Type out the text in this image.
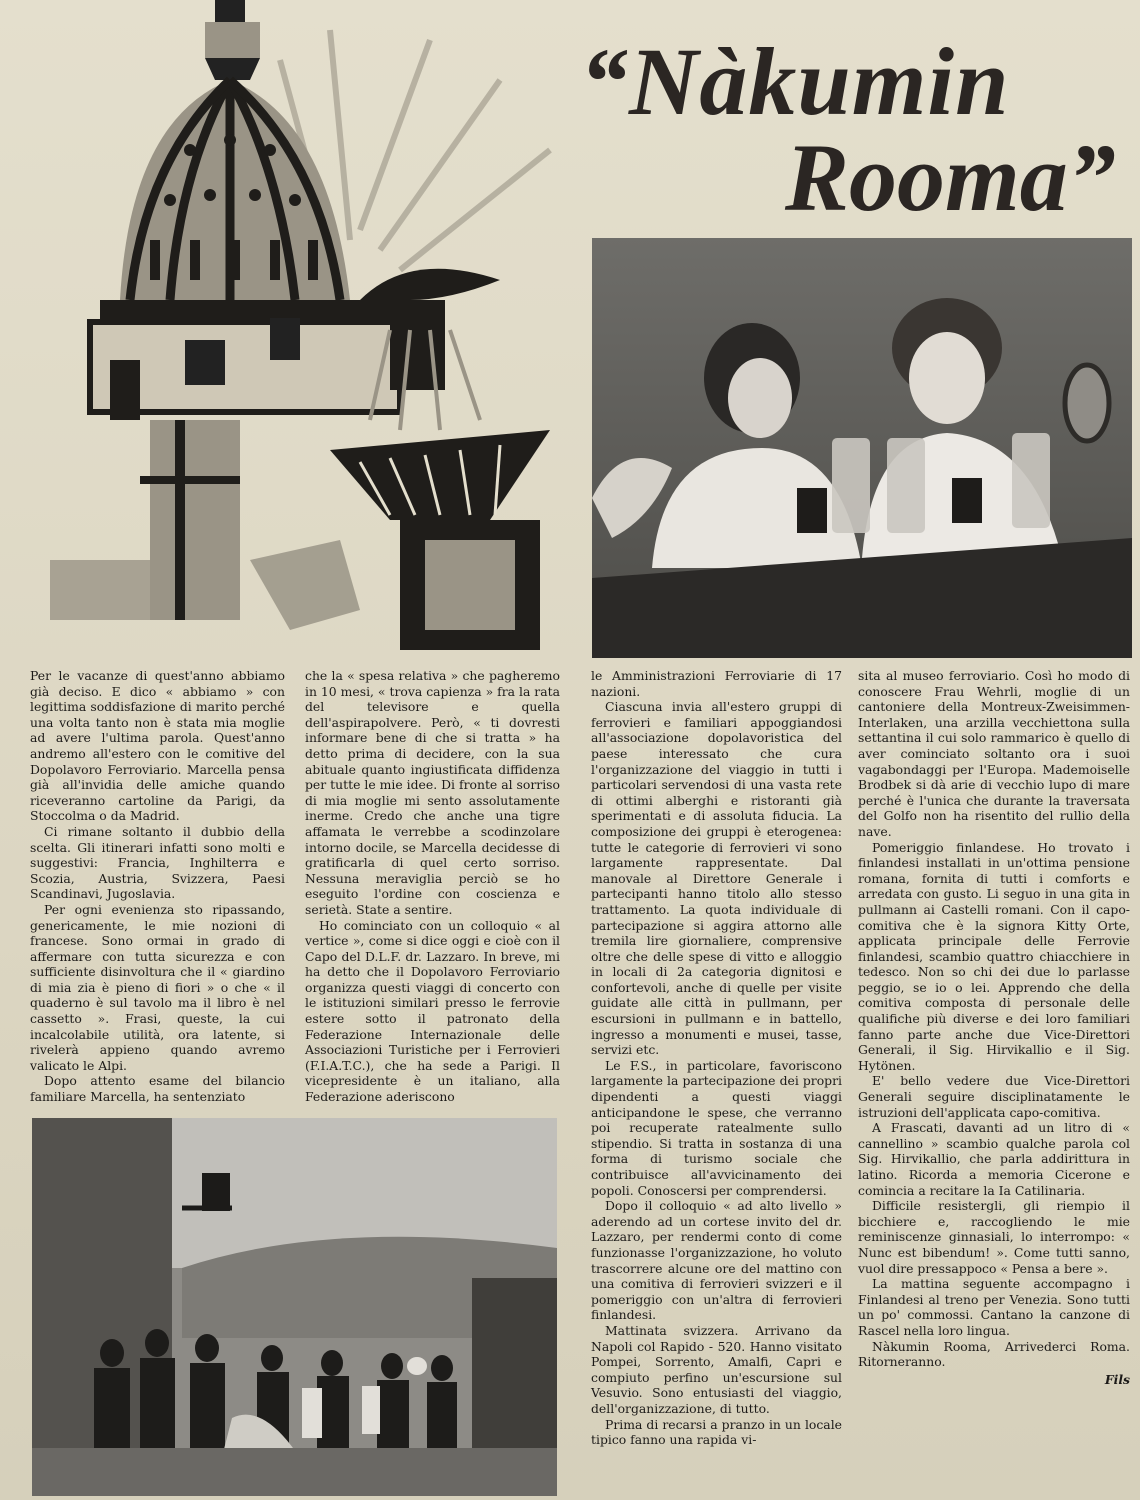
“Nàkumin
Rooma”

Per le vacanze di quest'anno abbiamo già deciso. E dico « abbiamo » con legittima soddisfazione di marito perché una volta tanto non è stata mia moglie ad avere l'ultima parola. Quest'anno andremo all'estero con le comitive del Dopolavoro Ferroviario. Marcella pensa già all'invidia delle amiche quando riceveranno cartoline da Parigi, da Stoccolma o da Madrid.

Ci rimane soltanto il dubbio della scelta. Gli itinerari infatti sono molti e suggestivi: Francia, Inghilterra e Scozia, Austria, Svizzera, Paesi Scandinavi, Jugoslavia.

Per ogni evenienza sto ripassando, genericamente, le mie nozioni di francese. Sono ormai in grado di affermare con tutta sicurezza e con sufficiente disinvoltura che il « giardino di mia zia è pieno di fiori » o che « il quaderno è sul tavolo ma il libro è nel cassetto ». Frasi, queste, la cui incalcolabile utilità, ora latente, si rivelerà appieno quando avremo valicato le Alpi.

Dopo attento esame del bilancio familiare Marcella, ha sentenziato

che la « spesa relativa » che pagheremo in 10 mesi, « trova capienza » fra la rata del televisore e quella dell'aspirapolvere. Però, « ti dovresti informare bene di che si tratta » ha detto prima di decidere, con la sua abituale quanto ingiustificata diffidenza per tutte le mie idee. Di fronte al sorriso di mia moglie mi sento assolutamente inerme. Credo che anche una tigre affamata le verrebbe a scodinzolare intorno docile, se Marcella decidesse di gratificarla di quel certo sorriso. Nessuna meraviglia perciò se ho eseguito l'ordine con coscienza e serietà. State a sentire.

Ho cominciato con un colloquio « al vertice », come si dice oggi e cioè con il Capo del D.L.F. dr. Lazzaro. In breve, mi ha detto che il Dopolavoro Ferroviario organizza questi viaggi di concerto con le istituzioni similari presso le ferrovie estere sotto il patronato della Federazione Internazionale delle Associazioni Turistiche per i Ferrovieri (F.I.A.T.C.), che ha sede a Parigi. Il vicepresidente è un italiano, alla Federazione aderiscono

le Amministrazioni Ferroviarie di 17 nazioni.

Ciascuna invia all'estero gruppi di ferrovieri e familiari appoggiandosi all'associazione dopolavoristica del paese interessato che cura l'organizzazione del viaggio in tutti i particolari servendosi di una vasta rete di ottimi alberghi e ristoranti già sperimentati e di assoluta fiducia. La composizione dei gruppi è eterogenea: tutte le categorie di ferrovieri vi sono largamente rappresentate. Dal manovale al Direttore Generale i partecipanti hanno titolo allo stesso trattamento. La quota individuale di partecipazione si aggira attorno alle tremila lire giornaliere, comprensive oltre che delle spese di vitto e alloggio in locali di 2a categoria dignitosi e confortevoli, anche di quelle per visite guidate alle città in pullmann, per escursioni in pullmann e in battello, ingresso a monumenti e musei, tasse, servizi etc.

Le F.S., in particolare, favoriscono largamente la partecipazione dei propri dipendenti a questi viaggi anticipandone le spese, che verranno poi recuperate ratealmente sullo stipendio. Si tratta in sostanza di una forma di turismo sociale che contribuisce all'avvicinamento dei popoli. Conoscersi per comprendersi.

Dopo il colloquio « ad alto livello » aderendo ad un cortese invito del dr. Lazzaro, per rendermi conto di come funzionasse l'organizzazione, ho voluto trascorrere alcune ore del mattino con una comitiva di ferrovieri svizzeri e il pomeriggio con un'altra di ferrovieri finlandesi.

Mattinata svizzera. Arrivano da Napoli col Rapido - 520. Hanno visitato Pompei, Sorrento, Amalfi, Capri e compiuto perfino un'escursione sul Vesuvio. Sono entusiasti del viaggio, dell'organizzazione, di tutto.

Prima di recarsi a pranzo in un locale tipico fanno una rapida vi-

sita al museo ferroviario. Così ho modo di conoscere Frau Wehrli, moglie di un cantoniere della Montreux-Zweisimmen-Interlaken, una arzilla vecchiettona sulla settantina il cui solo rammarico è quello di aver cominciato soltanto ora i suoi vagabondaggi per l'Europa. Mademoiselle Brodbek si dà arie di vecchio lupo di mare perché è l'unica che durante la traversata del Golfo non ha risentito del rullio della nave.

Pomeriggio finlandese. Ho trovato i finlandesi installati in un'ottima pensione romana, fornita di tutti i comforts e arredata con gusto. Li seguo in una gita in pullmann ai Castelli romani. Con il capo-comitiva che è la signora Kitty Orte, applicata principale delle Ferrovie finlandesi, scambio quattro chiacchiere in tedesco. Non so chi dei due lo parlasse peggio, se io o lei. Apprendo che della comitiva composta di personale delle qualifiche più diverse e dei loro familiari fanno parte anche due Vice-Direttori Generali, il Sig. Hirvikallio e il Sig. Hytönen.

E' bello vedere due Vice-Direttori Generali seguire disciplinatamente le istruzioni dell'applicata capo-comitiva.

A Frascati, davanti ad un litro di « cannellino » scambio qualche parola col Sig. Hirvikallio, che parla addirittura in latino. Ricorda a memoria Cicerone e comincia a recitare la Ia Catilinaria.

Difficile resistergli, gli riempio il bicchiere e, raccogliendo le mie reminiscenze ginnasiali, lo interrompo: « Nunc est bibendum! ». Come tutti sanno, vuol dire pressappoco « Pensa a bere ».

La mattina seguente accompagno i Finlandesi al treno per Venezia. Sono tutti un po' commossi. Cantano la canzone di Rascel nella loro lingua.

Nàkumin Rooma, Arrivederci Roma. Ritorneranno.

Fils
